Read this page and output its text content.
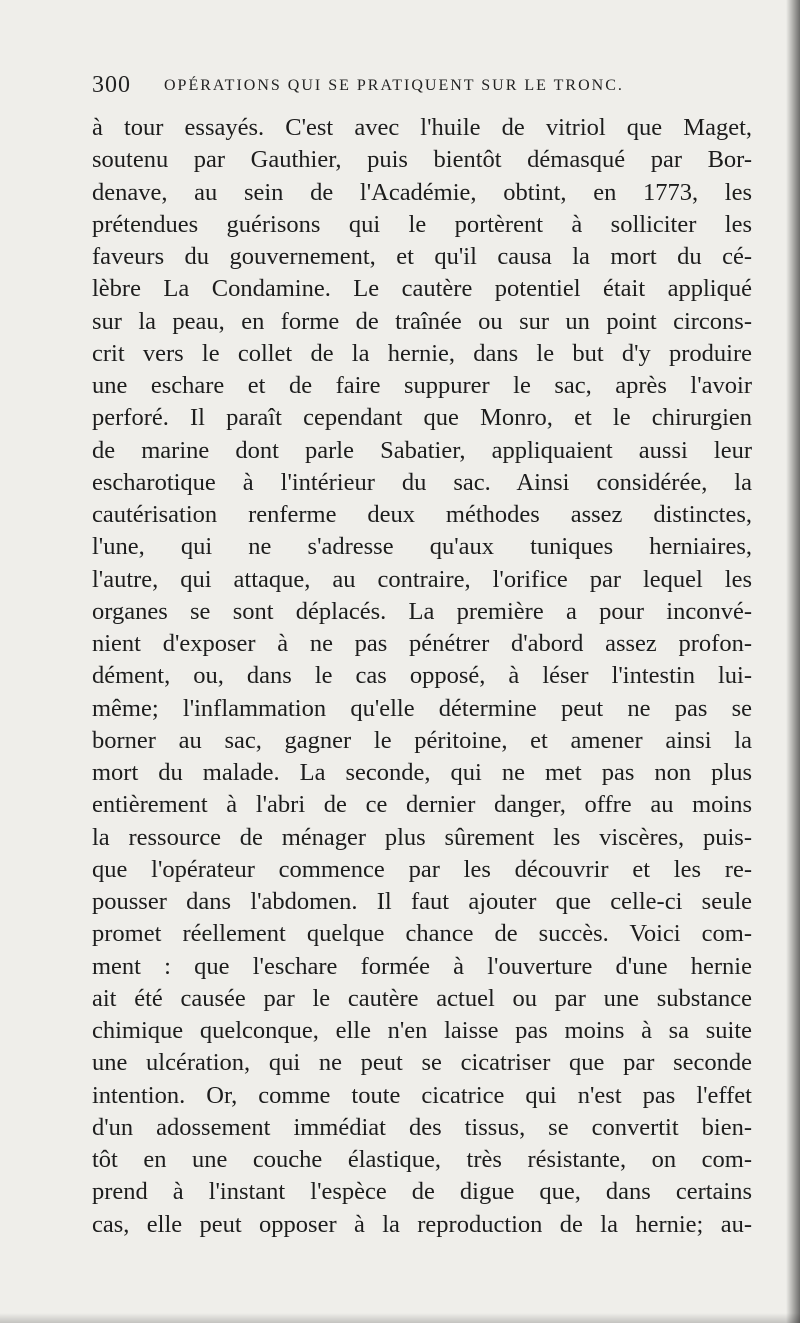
300 OPÉRATIONS QUI SE PRATIQUENT SUR LE TRONC.
à tour essayés. C'est avec l'huile de vitriol que Maget,
soutenu par Gauthier, puis bientôt démasqué par Bor-
denave, au sein de l'Académie, obtint, en 1773, les
prétendues guérisons qui le portèrent à solliciter les
faveurs du gouvernement, et qu'il causa la mort du cé-
lèbre La Condamine. Le cautère potentiel était appliqué
sur la peau, en forme de traînée ou sur un point circons-
crit vers le collet de la hernie, dans le but d'y produire
une eschare et de faire suppurer le sac, après l'avoir
perforé. Il paraît cependant que Monro, et le chirurgien
de marine dont parle Sabatier, appliquaient aussi leur
escharotique à l'intérieur du sac. Ainsi considérée, la
cautérisation renferme deux méthodes assez distinctes,
l'une, qui ne s'adresse qu'aux tuniques herniaires,
l'autre, qui attaque, au contraire, l'orifice par lequel les
organes se sont déplacés. La première a pour inconvé-
nient d'exposer à ne pas pénétrer d'abord assez profon-
dément, ou, dans le cas opposé, à léser l'intestin lui-
même; l'inflammation qu'elle détermine peut ne pas se
borner au sac, gagner le péritoine, et amener ainsi la
mort du malade. La seconde, qui ne met pas non plus
entièrement à l'abri de ce dernier danger, offre au moins
la ressource de ménager plus sûrement les viscères, puis-
que l'opérateur commence par les découvrir et les re-
pousser dans l'abdomen. Il faut ajouter que celle-ci seule
promet réellement quelque chance de succès. Voici com-
ment : que l'eschare formée à l'ouverture d'une hernie
ait été causée par le cautère actuel ou par une substance
chimique quelconque, elle n'en laisse pas moins à sa suite
une ulcération, qui ne peut se cicatriser que par seconde
intention. Or, comme toute cicatrice qui n'est pas l'effet
d'un adossement immédiat des tissus, se convertit bien-
tôt en une couche élastique, très résistante, on com-
prend à l'instant l'espèce de digue que, dans certains
cas, elle peut opposer à la reproduction de la hernie; au-
